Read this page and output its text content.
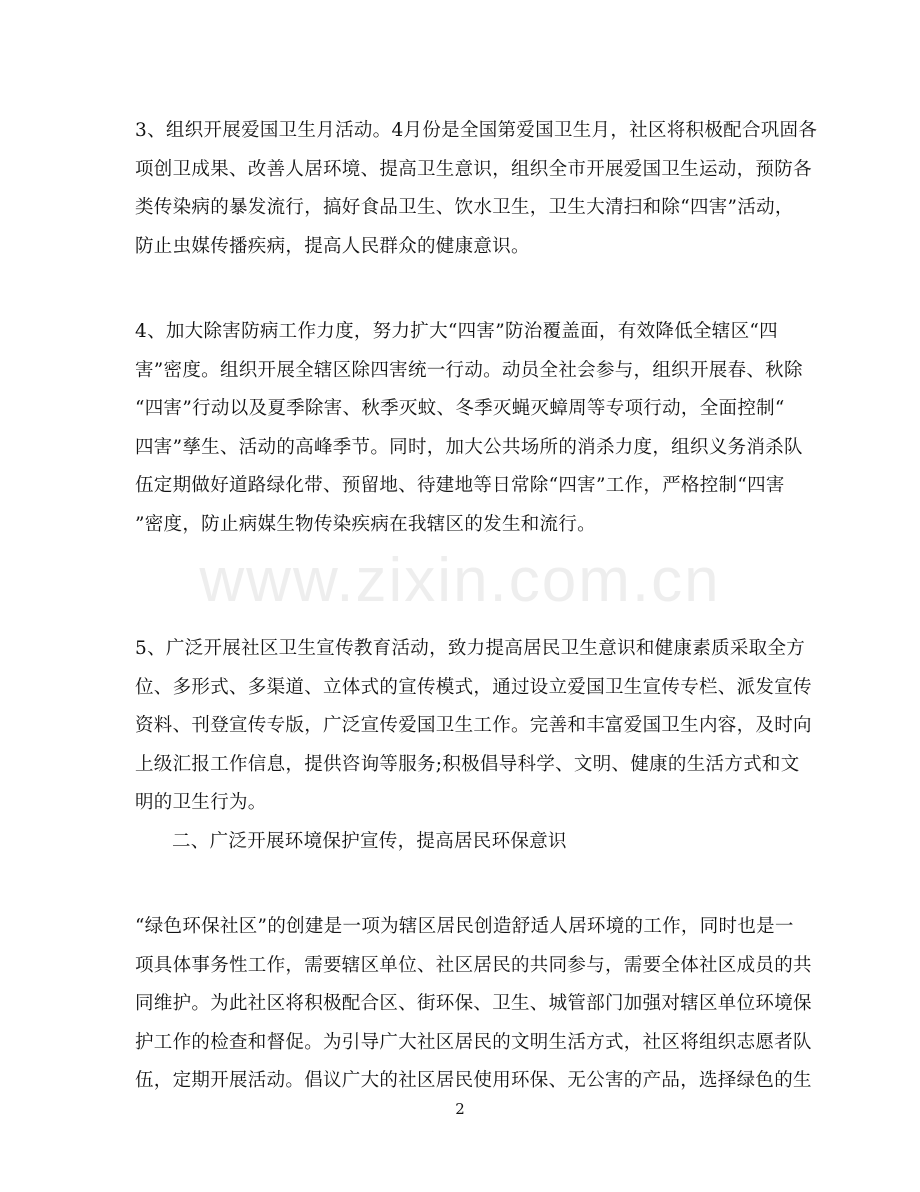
www.zixin.com.cn

3、组织开展爱国卫生月活动。4月份是全国第爱国卫生月，社区将积极配合巩固各
项创卫成果、改善人居环境、提高卫生意识，组织全市开展爱国卫生运动，预防各
类传染病的暴发流行，搞好食品卫生、饮水卫生，卫生大清扫和除“四害”活动，
防止虫媒传播疾病，提高人民群众的健康意识。

4、加大除害防病工作力度，努力扩大“四害”防治覆盖面，有效降低全辖区“四
害”密度。组织开展全辖区除四害统一行动。动员全社会参与，组织开展春、秋除
“四害”行动以及夏季除害、秋季灭蚊、冬季灭蝇灭蟑周等专项行动，全面控制“
四害”孳生、活动的高峰季节。同时，加大公共场所的消杀力度，组织义务消杀队
伍定期做好道路绿化带、预留地、待建地等日常除“四害”工作，严格控制“四害
”密度，防止病媒生物传染疾病在我辖区的发生和流行。

5、广泛开展社区卫生宣传教育活动，致力提高居民卫生意识和健康素质采取全方
位、多形式、多渠道、立体式的宣传模式，通过设立爱国卫生宣传专栏、派发宣传
资料、刊登宣传专版，广泛宣传爱国卫生工作。完善和丰富爱国卫生内容，及时向
上级汇报工作信息，提供咨询等服务;积极倡导科学、文明、健康的生活方式和文
明的卫生行为。

二、广泛开展环境保护宣传，提高居民环保意识

“绿色环保社区”的创建是一项为辖区居民创造舒适人居环境的工作，同时也是一
项具体事务性工作，需要辖区单位、社区居民的共同参与，需要全体社区成员的共
同维护。为此社区将积极配合区、街环保、卫生、城管部门加强对辖区单位环境保
护工作的检查和督促。为引导广大社区居民的文明生活方式，社区将组织志愿者队
伍，定期开展活动。倡议广大的社区居民使用环保、无公害的产品，选择绿色的生

2
